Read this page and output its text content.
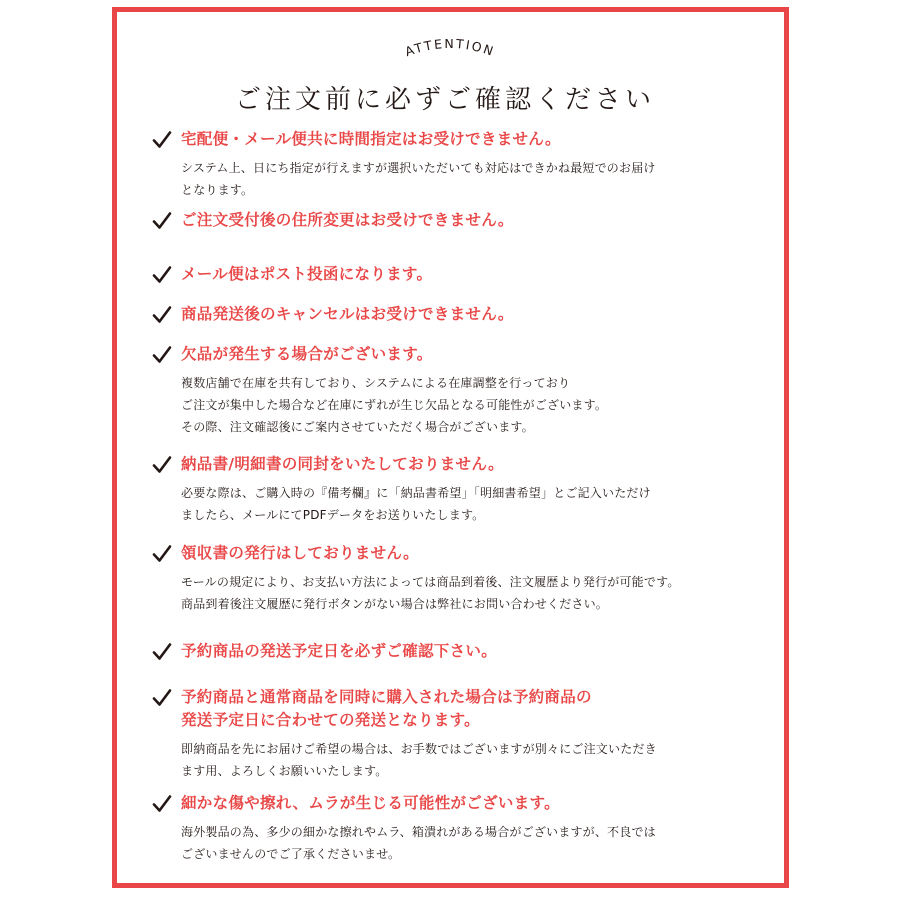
ATTENTION
ご注文前に必ずご確認ください

宅配便・メール便共に時間指定はお受けできません。

システム上、日にち指定が行えますが選択いただいても対応はできかね最短でのお届け
となります。

ご注文受付後の住所変更はお受けできません。

メール便はポスト投函になります。

商品発送後のキャンセルはお受けできません。

欠品が発生する場合がございます。

複数店舗で在庫を共有しており、システムによる在庫調整を行っており
ご注文が集中した場合など在庫にずれが生じ欠品となる可能性がございます。
その際、注文確認後にご案内させていただく場合がございます。

納品書/明細書の同封をいたしておりません。

必要な際は、ご購入時の『備考欄』に「納品書希望」「明細書希望」とご記入いただけ
ましたら、メールにてPDFデータをお送りいたします。

領収書の発行はしておりません。

モールの規定により、お支払い方法によっては商品到着後、注文履歴より発行が可能です。
商品到着後注文履歴に発行ボタンがない場合は弊社にお問い合わせください。

予約商品の発送予定日を必ずご確認下さい。

予約商品と通常商品を同時に購入された場合は予約商品の
発送予定日に合わせての発送となります。

即納商品を先にお届けご希望の場合は、お手数ではございますが別々にご注文いただき
ます用、よろしくお願いいたします。

細かな傷や擦れ、ムラが生じる可能性がございます。

海外製品の為、多少の細かな擦れやムラ、箱潰れがある場合がございますが、不良では
ございませんのでご了承くださいませ。
